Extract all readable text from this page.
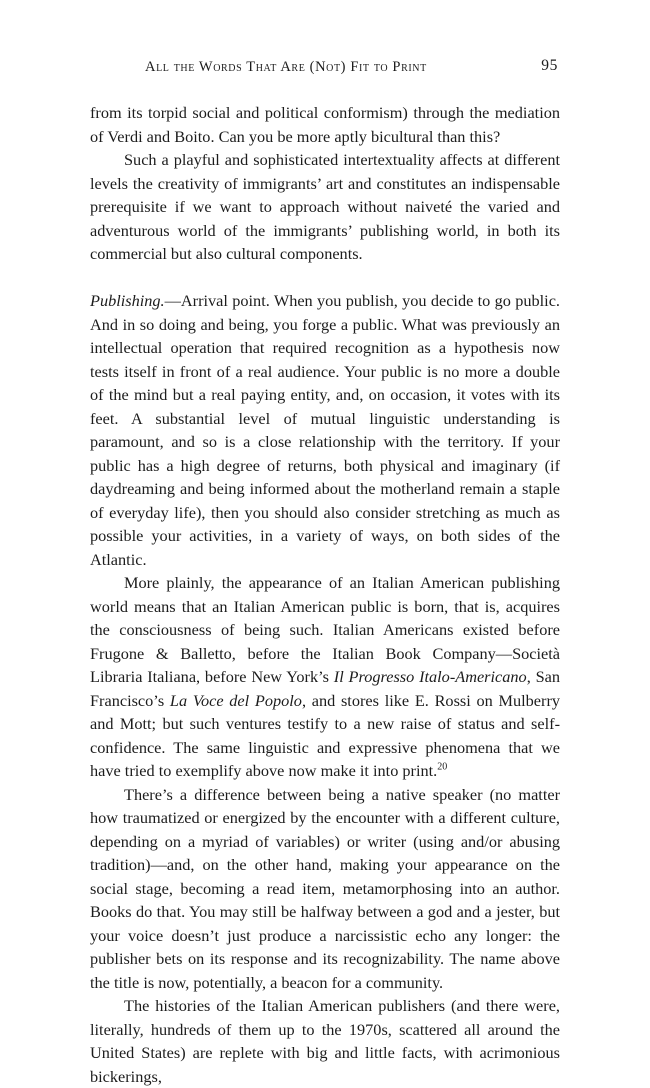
All the Words That Are (Not) Fit to Print	95

from its torpid social and political conformism) through the mediation of Verdi and Boito. Can you be more aptly bicultural than this?

Such a playful and sophisticated intertextuality affects at different levels the creativity of immigrants’ art and constitutes an indispensable prerequisite if we want to approach without naiveté the varied and adventurous world of the immigrants’ publishing world, in both its commercial but also cultural components.

Publishing.—Arrival point. When you publish, you decide to go public. And in so doing and being, you forge a public. What was previously an intellectual operation that required recognition as a hypothesis now tests itself in front of a real audience. Your public is no more a double of the mind but a real paying entity, and, on occasion, it votes with its feet. A substantial level of mutual linguistic understanding is paramount, and so is a close relationship with the territory. If your public has a high degree of returns, both physical and imaginary (if daydreaming and being informed about the motherland remain a staple of everyday life), then you should also consider stretching as much as possible your activities, in a variety of ways, on both sides of the Atlantic.

More plainly, the appearance of an Italian American publishing world means that an Italian American public is born, that is, acquires the consciousness of being such. Italian Americans existed before Frugone & Balletto, before the Italian Book Company—Società Libraria Italiana, before New York’s Il Progresso Italo-Americano, San Francisco’s La Voce del Popolo, and stores like E. Rossi on Mulberry and Mott; but such ventures testify to a new raise of status and self-confidence. The same linguistic and expressive phenomena that we have tried to exemplify above now make it into print.$^{20}$

There’s a difference between being a native speaker (no matter how traumatized or energized by the encounter with a different culture, depending on a myriad of variables) or writer (using and/or abusing tradition)—and, on the other hand, making your appearance on the social stage, becoming a read item, metamorphosing into an author. Books do that. You may still be halfway between a god and a jester, but your voice doesn’t just produce a narcissistic echo any longer: the publisher bets on its response and its recognizability. The name above the title is now, potentially, a beacon for a community.

The histories of the Italian American publishers (and there were, literally, hundreds of them up to the 1970s, scattered all around the United States) are replete with big and little facts, with acrimonious bickerings,
